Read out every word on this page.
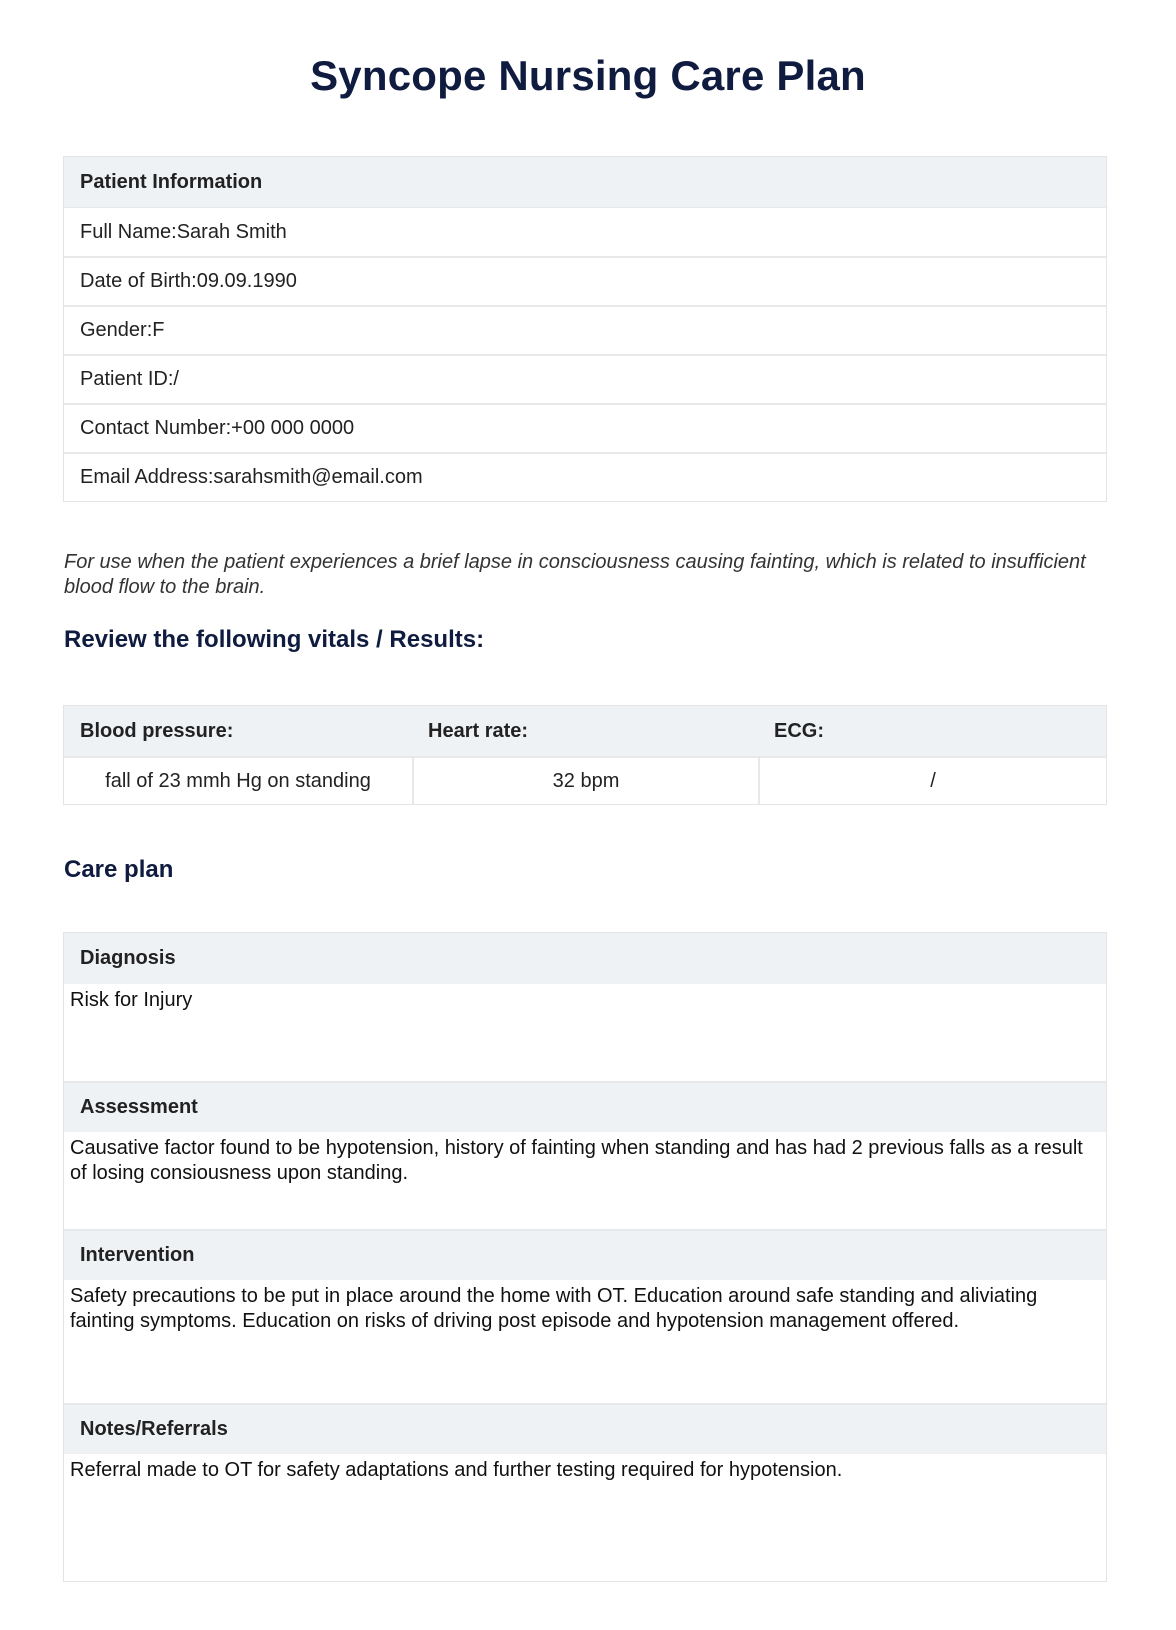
Syncope Nursing Care Plan
Patient Information
Full Name: Sarah Smith
Date of Birth: 09.09.1990
Gender: F
Patient ID: /
Contact Number: +00 000 0000
Email Address: sarahsmith@email.com

For use when the patient experiences a brief lapse in consciousness causing fainting, which is related to insufficient blood flow to the brain.

Review the following vitals / Results:
Blood pressure:	Heart rate:	ECG:
fall of 23 mmh Hg on standing	32 bpm	/
Care plan
Diagnosis
Risk for Injury
Assessment
Causative factor found to be hypotension, history of fainting when standing and has had 2 previous falls as a result of losing consiousness upon standing.
Intervention
Safety precautions to be put in place around the home with OT. Education around safe standing and aliviating fainting symptoms. Education on risks of driving post episode and hypotension management offered.
Notes/Referrals
Referral made to OT for safety adaptations and further testing required for hypotension.
